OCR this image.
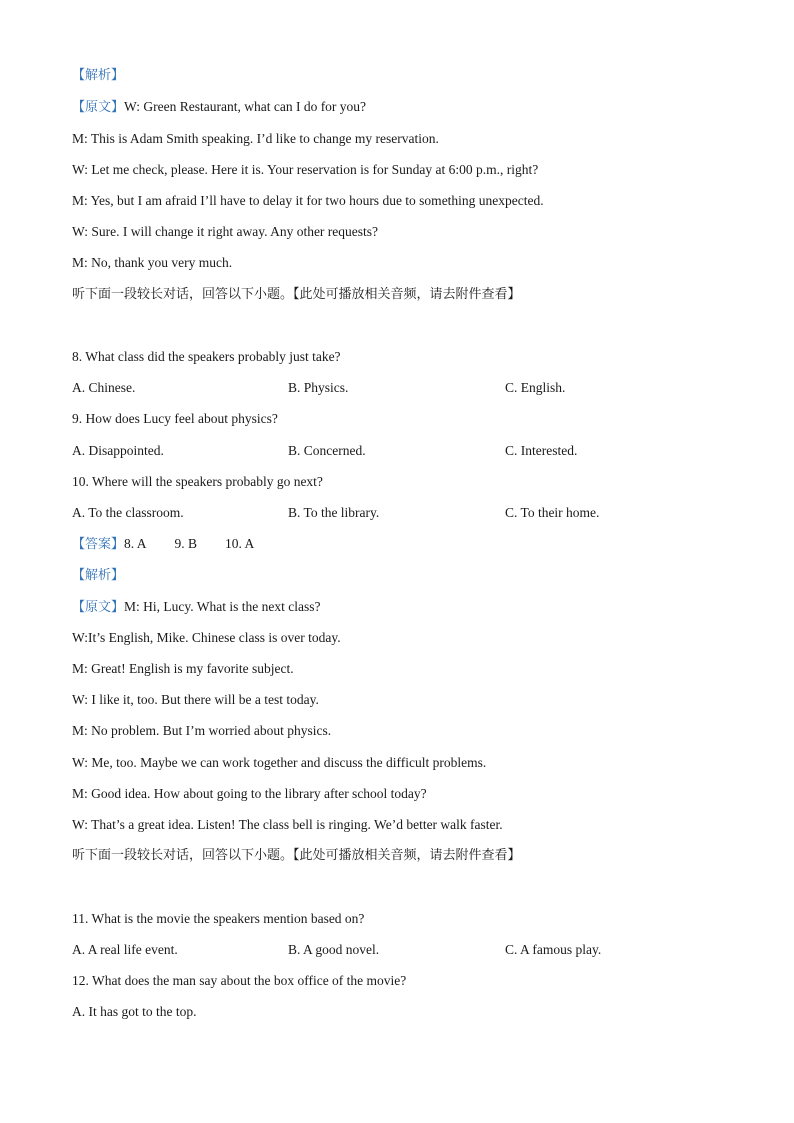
【解析】
【原文】W: Green Restaurant, what can I do for you?
M: This is Adam Smith speaking. I’d like to change my reservation.
W: Let me check, please. Here it is. Your reservation is for Sunday at 6:00 p.m., right?
M: Yes, but I am afraid I’ll have to delay it for two hours due to something unexpected.
W: Sure. I will change it right away. Any other requests?
M: No, thank you very much.
听下面一段较长对话，回答以下小题。【此处可播放相关音频，请去附件查看】
8. What class did the speakers probably just take?
A. Chinese.	B. Physics.	C. English.
9. How does Lucy feel about physics?
A. Disappointed.	B. Concerned.	C. Interested.
10. Where will the speakers probably go next?
A. To the classroom.	B. To the library.	C. To their home.
【答案】8. A 9. B 10. A
【解析】
【原文】M: Hi, Lucy. What is the next class?
W:It’s English, Mike. Chinese class is over today.
M: Great! English is my favorite subject.
W: I like it, too. But there will be a test today.
M: No problem. But I’m worried about physics.
W: Me, too. Maybe we can work together and discuss the difficult problems.
M: Good idea. How about going to the library after school today?
W: That’s a great idea. Listen! The class bell is ringing. We’d better walk faster.
听下面一段较长对话，回答以下小题。【此处可播放相关音频，请去附件查看】
11. What is the movie the speakers mention based on?
A. A real life event.	B. A good novel.	C. A famous play.
12. What does the man say about the box office of the movie?
A. It has got to the top.
